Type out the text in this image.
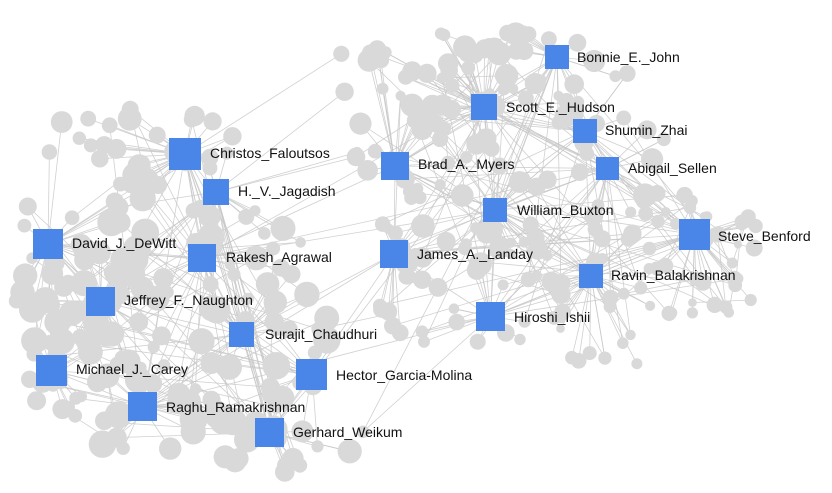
Christos_Faloutsos
H._V._Jagadish
David_J._DeWitt
Rakesh_Agrawal
Jeffrey_F._Naughton
Surajit_Chaudhuri
Michael_J._Carey	Hector_Garcia-Molina
Raghu_Ramakrishnan
Gerhard_Weikum
Brad_A._Myers
James_A._Landay
Scott_E._Hudson
Bonnie_E._John
Shumin_Zhai
Abigail_Sellen
William_Buxton
Steve_Benford
Ravin_Balakrishnan
Hiroshi_Ishii
